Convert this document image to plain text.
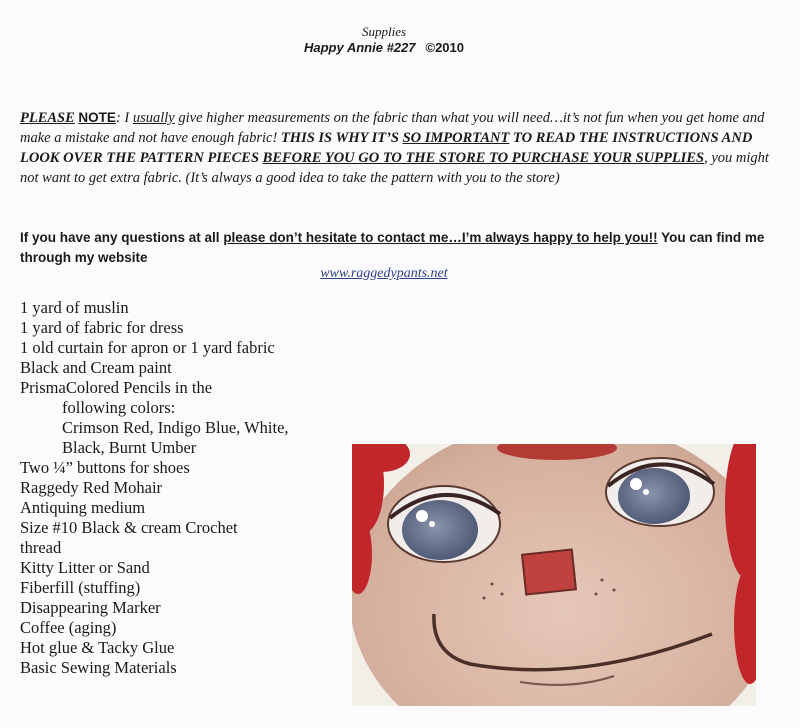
Supplies
Happy Annie #227 ©2010
PLEASE NOTE: I usually give higher measurements on the fabric than what you will need…it’s not fun when you get home and make a mistake and not have enough fabric! THIS IS WHY IT’S SO IMPORTANT TO READ THE INSTRUCTIONS AND LOOK OVER THE PATTERN PIECES BEFORE YOU GO TO THE STORE TO PURCHASE YOUR SUPPLIES, you might not want to get extra fabric. (It’s always a good idea to take the pattern with you to the store)
If you have any questions at all please don’t hesitate to contact me…I’m always happy to help you!! You can find me through my website
www.raggedypants.net
1 yard of muslin
1 yard of fabric for dress
1 old curtain for apron or 1 yard fabric
Black and Cream paint
PrismaColored Pencils in the
following colors:
Crimson Red, Indigo Blue, White,
Black, Burnt Umber
Two ¼” buttons for shoes
Raggedy Red Mohair
Antiquing medium
Size #10 Black & cream Crochet
thread
Kitty Litter or Sand
Fiberfill (stuffing)
Disappearing Marker
Coffee (aging)
Hot glue & Tacky Glue
Basic Sewing Materials
